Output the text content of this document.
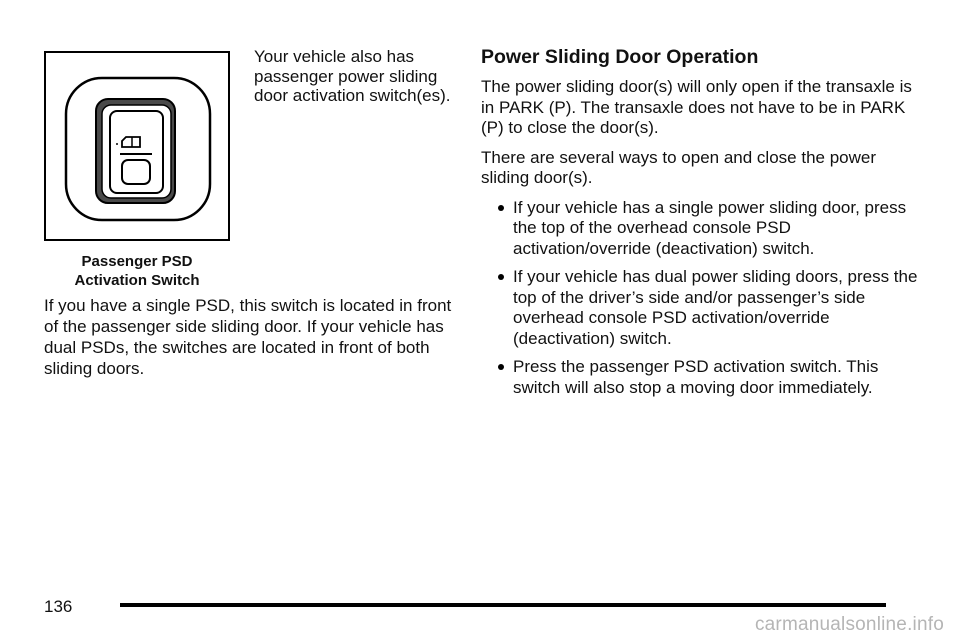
Passenger PSD
Activation Switch

Your vehicle also has passenger power sliding door activation switch(es).

If you have a single PSD, this switch is located in front of the passenger side sliding door. If your vehicle has dual PSDs, the switches are located in front of both sliding doors.

Power Sliding Door Operation

The power sliding door(s) will only open if the transaxle is in PARK (P). The transaxle does not have to be in PARK (P) to close the door(s).

There are several ways to open and close the power sliding door(s).

If your vehicle has a single power sliding door, press the top of the overhead console PSD activation/override (deactivation) switch.
If your vehicle has dual power sliding doors, press the top of the driver’s side and/or passenger’s side overhead console PSD activation/override (deactivation) switch.
Press the passenger PSD activation switch. This switch will also stop a moving door immediately.
136
carmanualsonline.info
